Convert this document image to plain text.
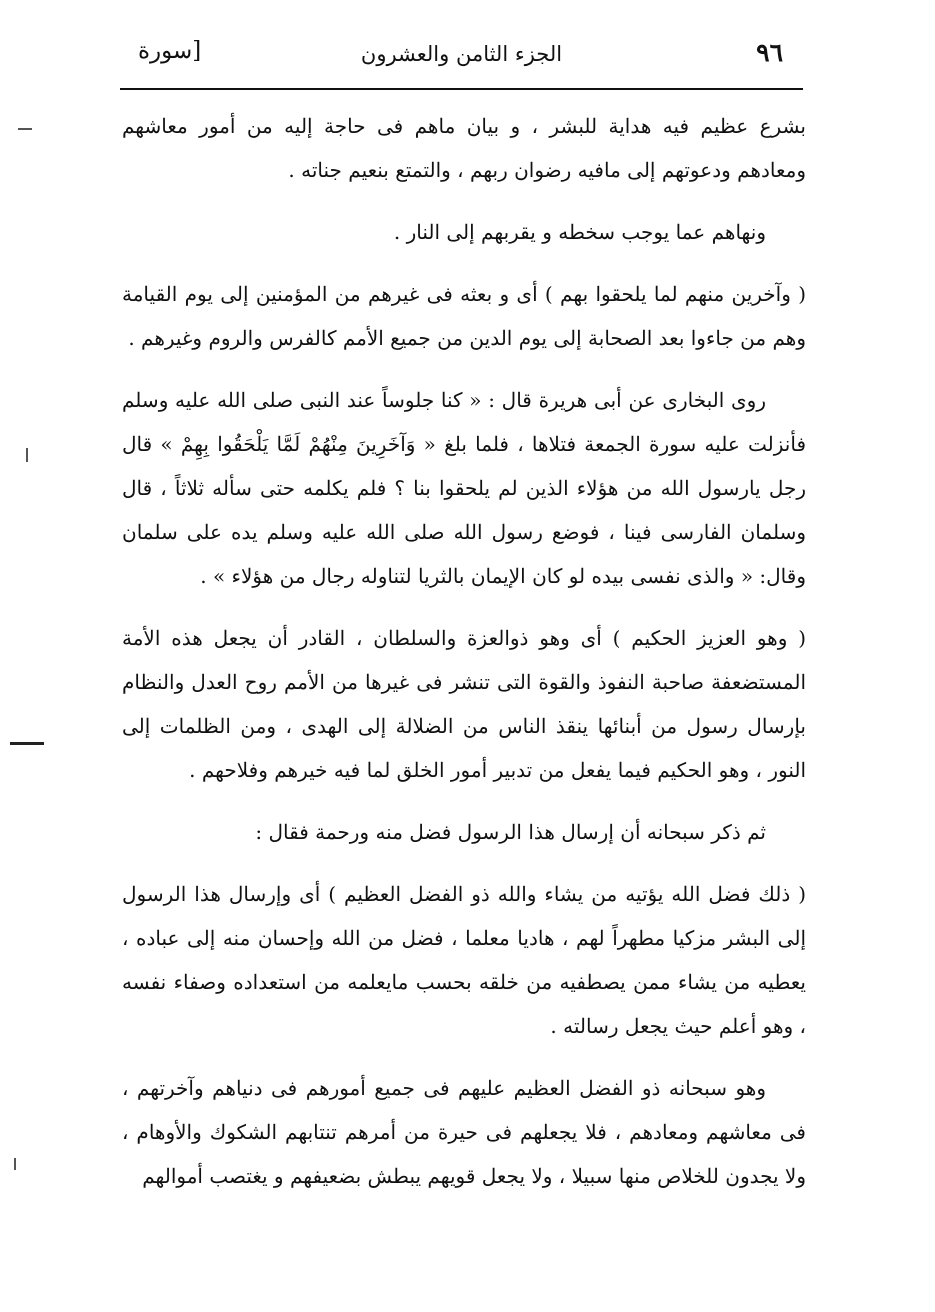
٩٦
الجزء الثامن والعشرون
[سورة

بشرع عظيم فيه هداية للبشر ، و بيان ماهم فى حاجة إليه من أمور معاشهم ومعادهم ودعوتهم إلى مافيه رضوان ربهم ، والتمتع بنعيم جناته .

ونهاهم عما يوجب سخطه و يقربهم إلى النار .

( وآخرين منهم لما يلحقوا بهم ) أى و بعثه فى غيرهم من المؤمنين إلى يوم القيامة وهم من جاءوا بعد الصحابة إلى يوم الدين من جميع الأمم كالفرس والروم وغيرهم .

روى البخارى عن أبى هريرة قال : « كنا جلوساً عند النبى صلى الله عليه وسلم فأنزلت عليه سورة الجمعة فتلاها ، فلما بلغ « وَآخَرِينَ مِنْهُمْ لَمَّا يَلْحَقُوا بِهِمْ » قال رجل يارسول الله من هؤلاء الذين لم يلحقوا بنا ؟ فلم يكلمه حتى سأله ثلاثاً ، قال وسلمان الفارسى فينا ، فوضع رسول الله صلى الله عليه وسلم يده على سلمان وقال: « والذى نفسى بيده لو كان الإيمان بالثريا لتناوله رجال من هؤلاء » .

( وهو العزيز الحكيم ) أى وهو ذوالعزة والسلطان ، القادر أن يجعل هذه الأمة المستضعفة صاحبة النفوذ والقوة التى تنشر فى غيرها من الأمم روح العدل والنظام بإرسال رسول من أبنائها ينقذ الناس من الضلالة إلى الهدى ، ومن الظلمات إلى النور ، وهو الحكيم فيما يفعل من تدبير أمور الخلق لما فيه خيرهم وفلاحهم .

ثم ذكر سبحانه أن إرسال هذا الرسول فضل منه ورحمة فقال :

( ذلك فضل الله يؤتيه من يشاء والله ذو الفضل العظيم ) أى وإرسال هذا الرسول إلى البشر مزكيا مطهراً لهم ، هاديا معلما ، فضل من الله وإحسان منه إلى عباده ، يعطيه من يشاء ممن يصطفيه من خلقه بحسب مايعلمه من استعداده وصفاء نفسه ، وهو أعلم حيث يجعل رسالته .

وهو سبحانه ذو الفضل العظيم عليهم فى جميع أمورهم فى دنياهم وآخرتهم ، فى معاشهم ومعادهم ، فلا يجعلهم فى حيرة من أمرهم تنتابهم الشكوك والأوهام ، ولا يجدون للخلاص منها سبيلا ، ولا يجعل قويهم يبطش بضعيفهم و يغتصب أموالهم
